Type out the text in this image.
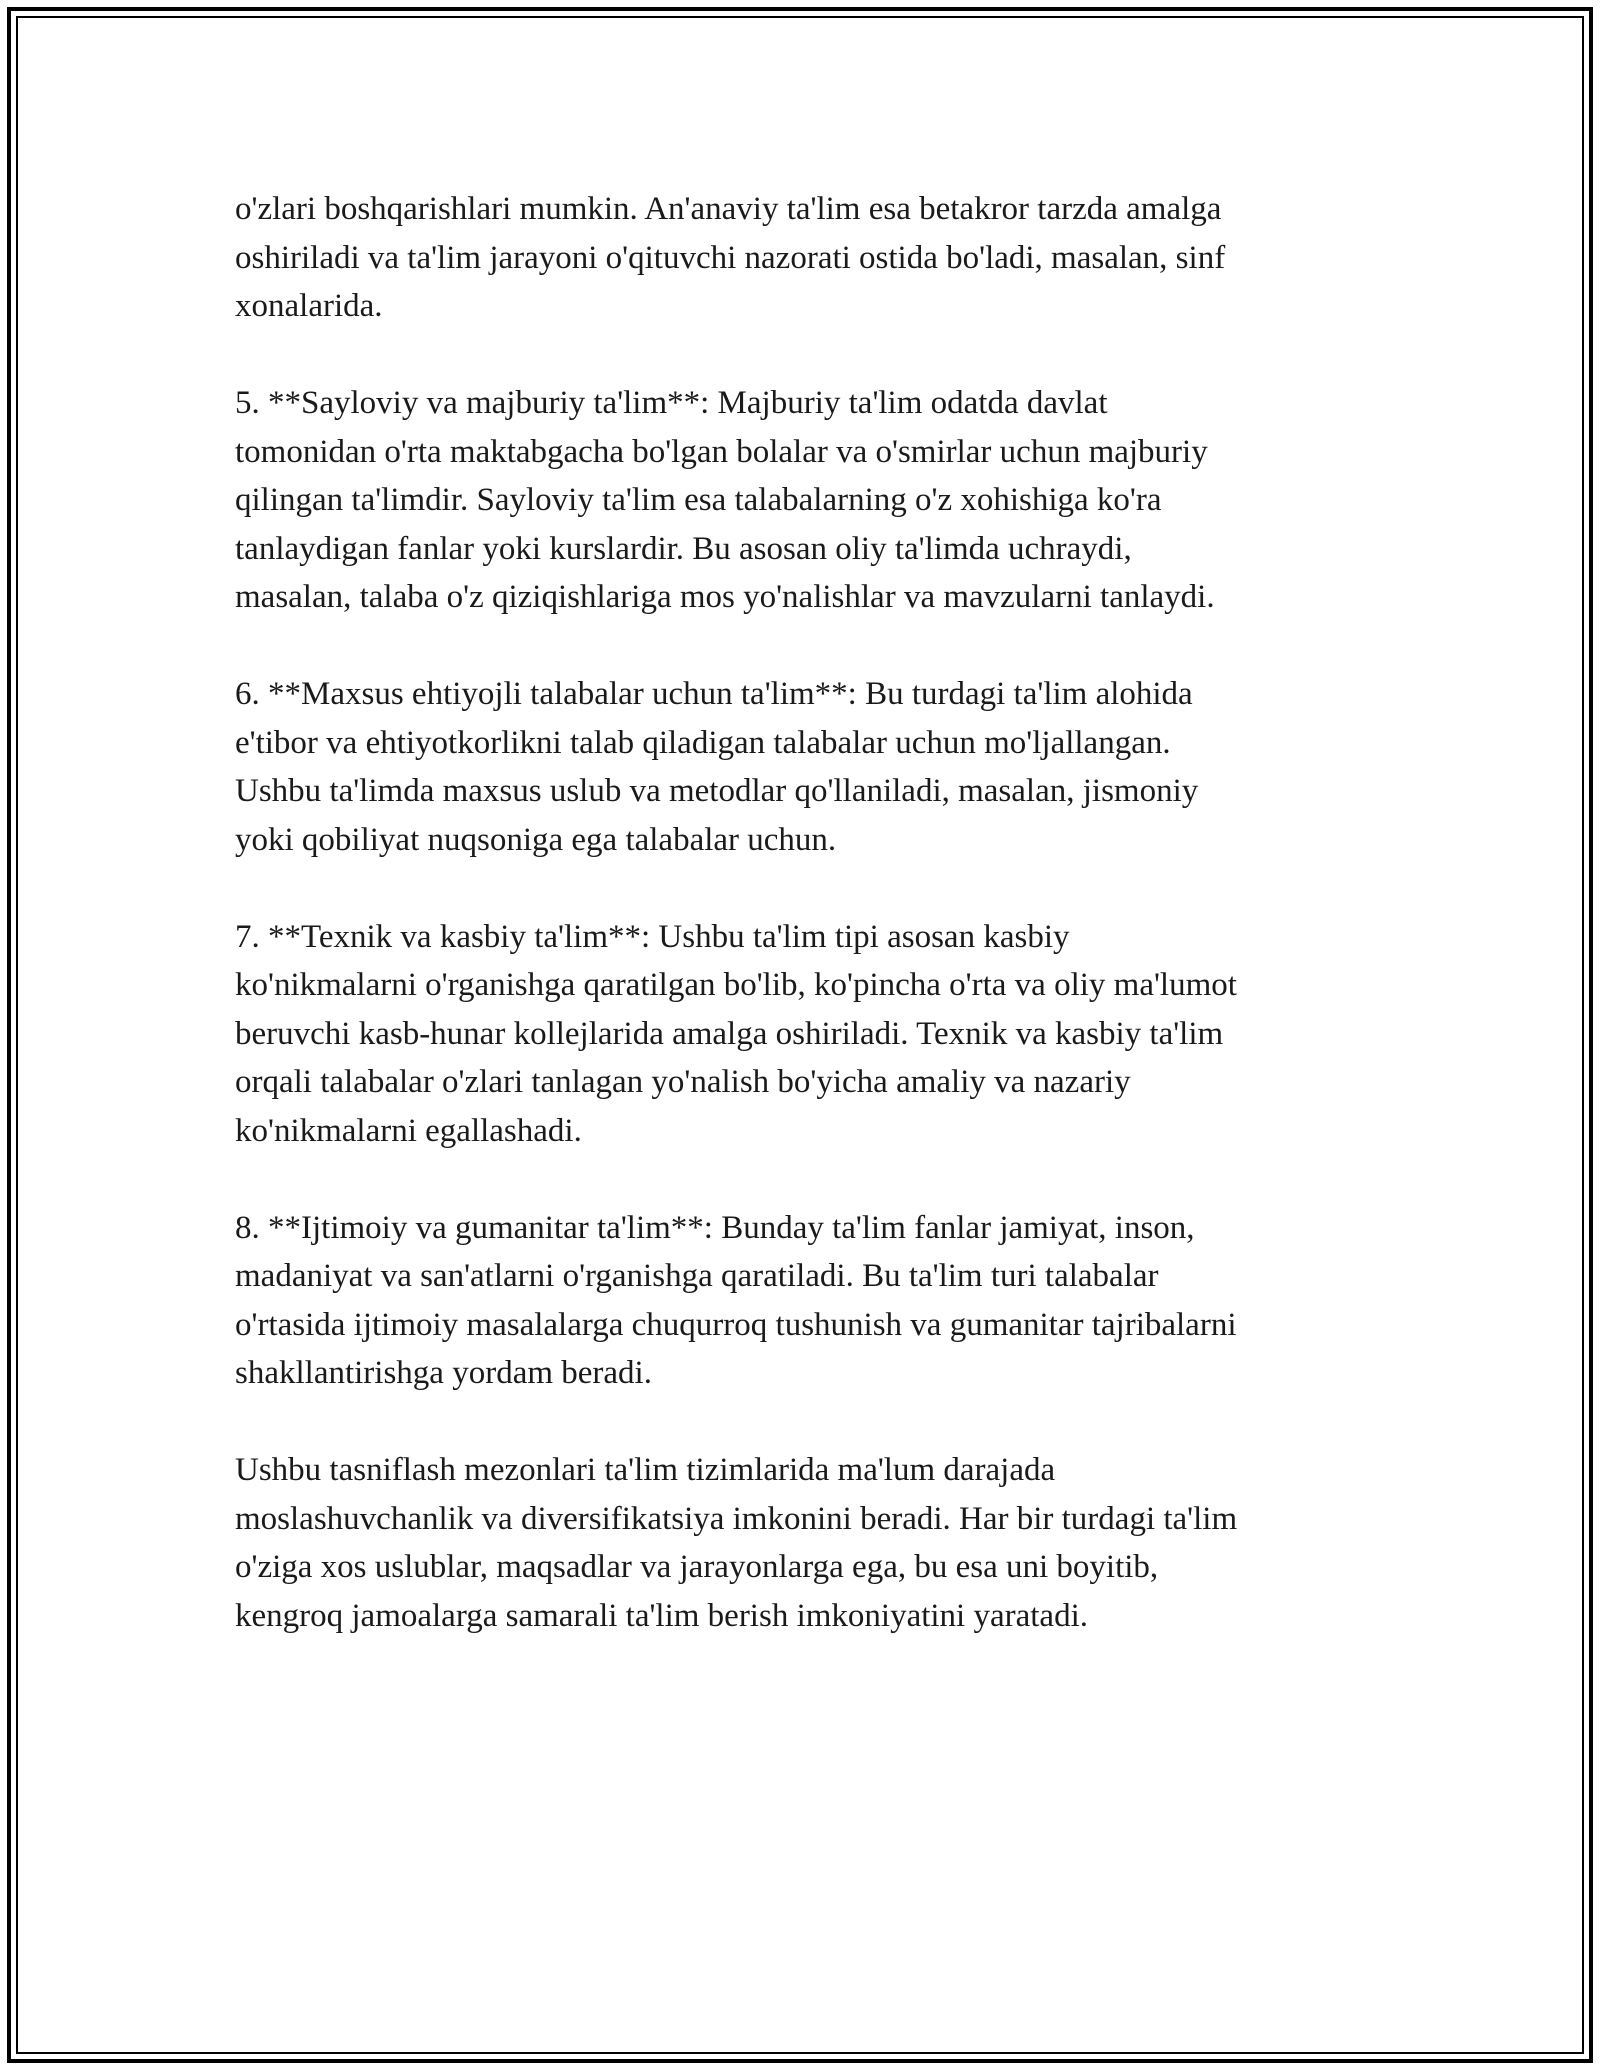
o'zlari boshqarishlari mumkin. An'anaviy ta'lim esa betakror tarzda amalga
oshiriladi va ta'lim jarayoni o'qituvchi nazorati ostida bo'ladi, masalan, sinf
xonalarida.
5. **Sayloviy va majburiy ta'lim**: Majburiy ta'lim odatda davlat
tomonidan o'rta maktabgacha bo'lgan bolalar va o'smirlar uchun majburiy
qilingan ta'limdir. Sayloviy ta'lim esa talabalarning o'z xohishiga ko'ra
tanlaydigan fanlar yoki kurslardir. Bu asosan oliy ta'limda uchraydi,
masalan, talaba o'z qiziqishlariga mos yo'nalishlar va mavzularni tanlaydi.
6. **Maxsus ehtiyojli talabalar uchun ta'lim**: Bu turdagi ta'lim alohida
e'tibor va ehtiyotkorlikni talab qiladigan talabalar uchun mo'ljallangan.
Ushbu ta'limda maxsus uslub va metodlar qo'llaniladi, masalan, jismoniy
yoki qobiliyat nuqsoniga ega talabalar uchun.
7. **Texnik va kasbiy ta'lim**: Ushbu ta'lim tipi asosan kasbiy
ko'nikmalarni o'rganishga qaratilgan bo'lib, ko'pincha o'rta va oliy ma'lumot
beruvchi kasb-hunar kollejlarida amalga oshiriladi. Texnik va kasbiy ta'lim
orqali talabalar o'zlari tanlagan yo'nalish bo'yicha amaliy va nazariy
ko'nikmalarni egallashadi.
8. **Ijtimoiy va gumanitar ta'lim**: Bunday ta'lim fanlar jamiyat, inson,
madaniyat va san'atlarni o'rganishga qaratiladi. Bu ta'lim turi talabalar
o'rtasida ijtimoiy masalalarga chuqurroq tushunish va gumanitar tajribalarni
shakllantirishga yordam beradi.
Ushbu tasniflash mezonlari ta'lim tizimlarida ma'lum darajada
moslashuvchanlik va diversifikatsiya imkonini beradi. Har bir turdagi ta'lim
o'ziga xos uslublar, maqsadlar va jarayonlarga ega, bu esa uni boyitib,
kengroq jamoalarga samarali ta'lim berish imkoniyatini yaratadi.
